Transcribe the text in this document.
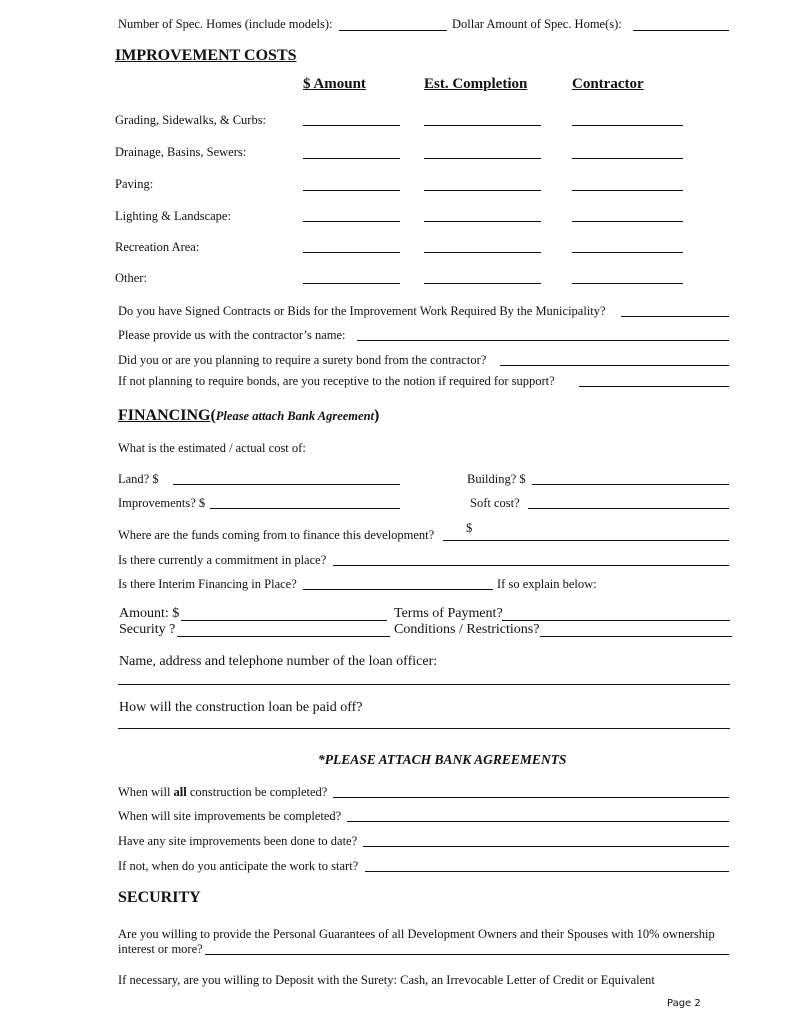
Number of Spec. Homes (include models):	Dollar Amount of Spec. Home(s):
IMPROVEMENT COSTS
$ Amount	Est. Completion	Contractor
Grading, Sidewalks, & Curbs:
Drainage, Basins, Sewers:
Paving:
Lighting & Landscape:
Recreation Area:
Other:
Do you have Signed Contracts or Bids for the Improvement Work Required By the Municipality?
Please provide us with the contractor’s name:
Did you or are you planning to require a surety bond from the contractor?
If not planning to require bonds, are you receptive to the notion if required for support?
FINANCING(Please attach Bank Agreement)
What is the estimated / actual cost of:
Land? $	Building? $
Improvements? $	Soft cost?
Where are the funds coming from to finance this development?	$
Is there currently a commitment in place?
Is there Interim Financing in Place?	If so explain below:
Amount: $	Terms of Payment?
Security ?	Conditions / Restrictions?
Name, address and telephone number of the loan officer:
How will the construction loan be paid off?
*PLEASE ATTACH BANK AGREEMENTS
When will all construction be completed?
When will site improvements be completed?
Have any site improvements been done to date?
If not, when do you anticipate the work to start?
SECURITY
Are you willing to provide the Personal Guarantees of all Development Owners and their Spouses with 10% ownership
interest or more?
If necessary, are you willing to Deposit with the Surety: Cash, an Irrevocable Letter of Credit or Equivalent
Page 2
